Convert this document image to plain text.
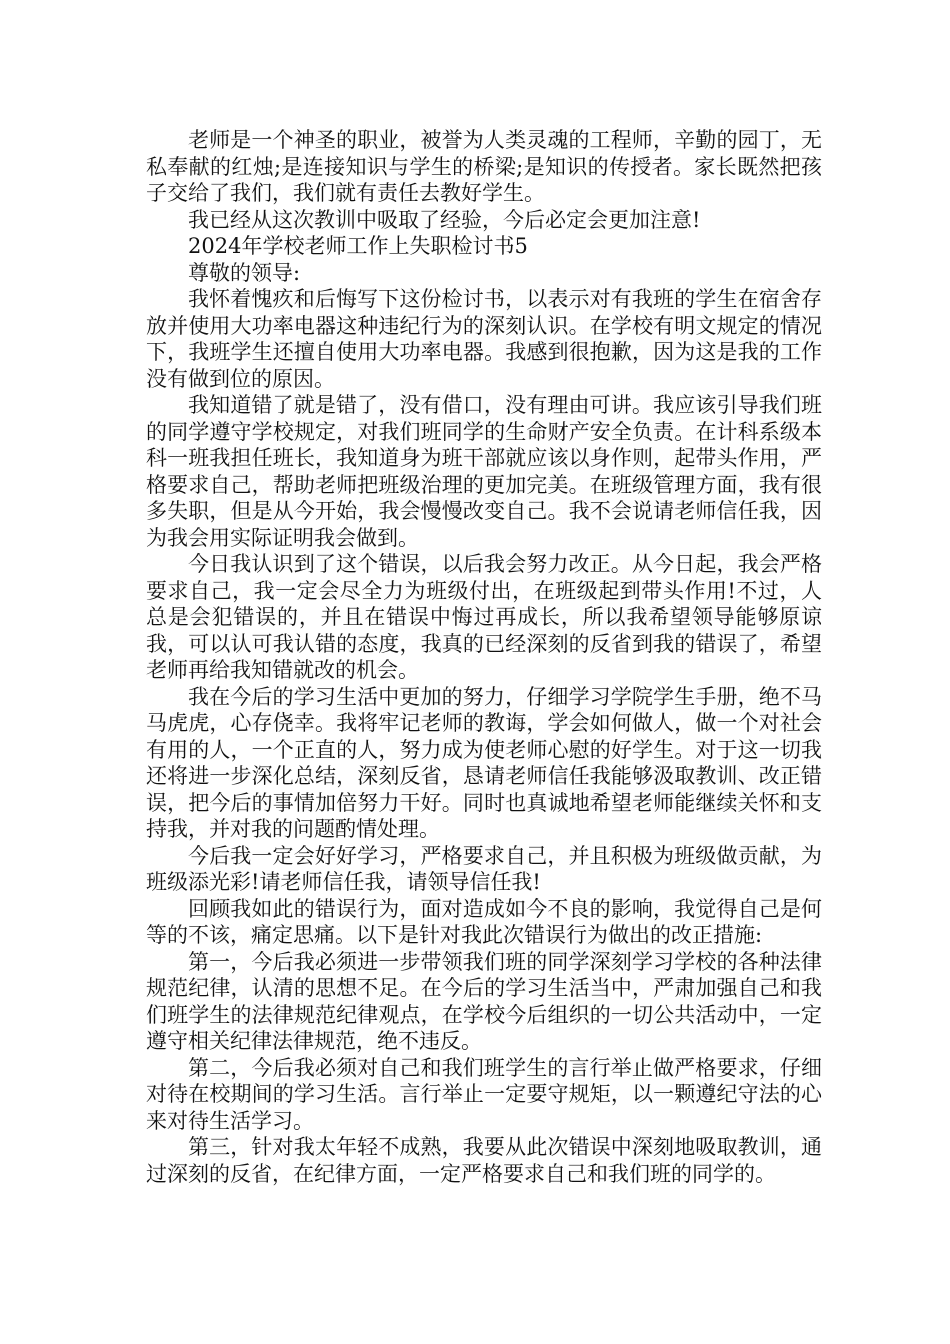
老师是一个神圣的职业，被誉为人类灵魂的工程师，辛勤的园丁，无私奉献的红烛;是连接知识与学生的桥梁;是知识的传授者。家长既然把孩子交给了我们，我们就有责任去教好学生。

我已经从这次教训中吸取了经验，今后必定会更加注意!

2024年学校老师工作上失职检讨书5

尊敬的领导:

我怀着愧疚和后悔写下这份检讨书，以表示对有我班的学生在宿舍存放并使用大功率电器这种违纪行为的深刻认识。在学校有明文规定的情况下，我班学生还擅自使用大功率电器。我感到很抱歉，因为这是我的工作没有做到位的原因。

我知道错了就是错了，没有借口，没有理由可讲。我应该引导我们班的同学遵守学校规定，对我们班同学的生命财产安全负责。在计科系级本科一班我担任班长，我知道身为班干部就应该以身作则，起带头作用，严格要求自己，帮助老师把班级治理的更加完美。在班级管理方面，我有很多失职，但是从今开始，我会慢慢改变自己。我不会说请老师信任我，因为我会用实际证明我会做到。

今日我认识到了这个错误，以后我会努力改正。从今日起，我会严格要求自己，我一定会尽全力为班级付出，在班级起到带头作用!不过，人总是会犯错误的，并且在错误中悔过再成长，所以我希望领导能够原谅我，可以认可我认错的态度，我真的已经深刻的反省到我的错误了，希望老师再给我知错就改的机会。

我在今后的学习生活中更加的努力，仔细学习学院学生手册，绝不马马虎虎，心存侥幸。我将牢记老师的教诲，学会如何做人，做一个对社会有用的人，一个正直的人，努力成为使老师心慰的好学生。对于这一切我还将进一步深化总结，深刻反省，恳请老师信任我能够汲取教训、改正错误，把今后的事情加倍努力干好。同时也真诚地希望老师能继续关怀和支持我，并对我的问题酌情处理。

今后我一定会好好学习，严格要求自己，并且积极为班级做贡献，为班级添光彩!请老师信任我，请领导信任我!

回顾我如此的错误行为，面对造成如今不良的影响，我觉得自己是何等的不该，痛定思痛。以下是针对我此次错误行为做出的改正措施:

第一，今后我必须进一步带领我们班的同学深刻学习学校的各种法律规范纪律，认清的思想不足。在今后的学习生活当中，严肃加强自己和我们班学生的法律规范纪律观点，在学校今后组织的一切公共活动中，一定遵守相关纪律法律规范，绝不违反。

第二，今后我必须对自己和我们班学生的言行举止做严格要求，仔细对待在校期间的学习生活。言行举止一定要守规矩，以一颗遵纪守法的心来对待生活学习。

第三，针对我太年轻不成熟，我要从此次错误中深刻地吸取教训，通过深刻的反省，在纪律方面，一定严格要求自己和我们班的同学的。
